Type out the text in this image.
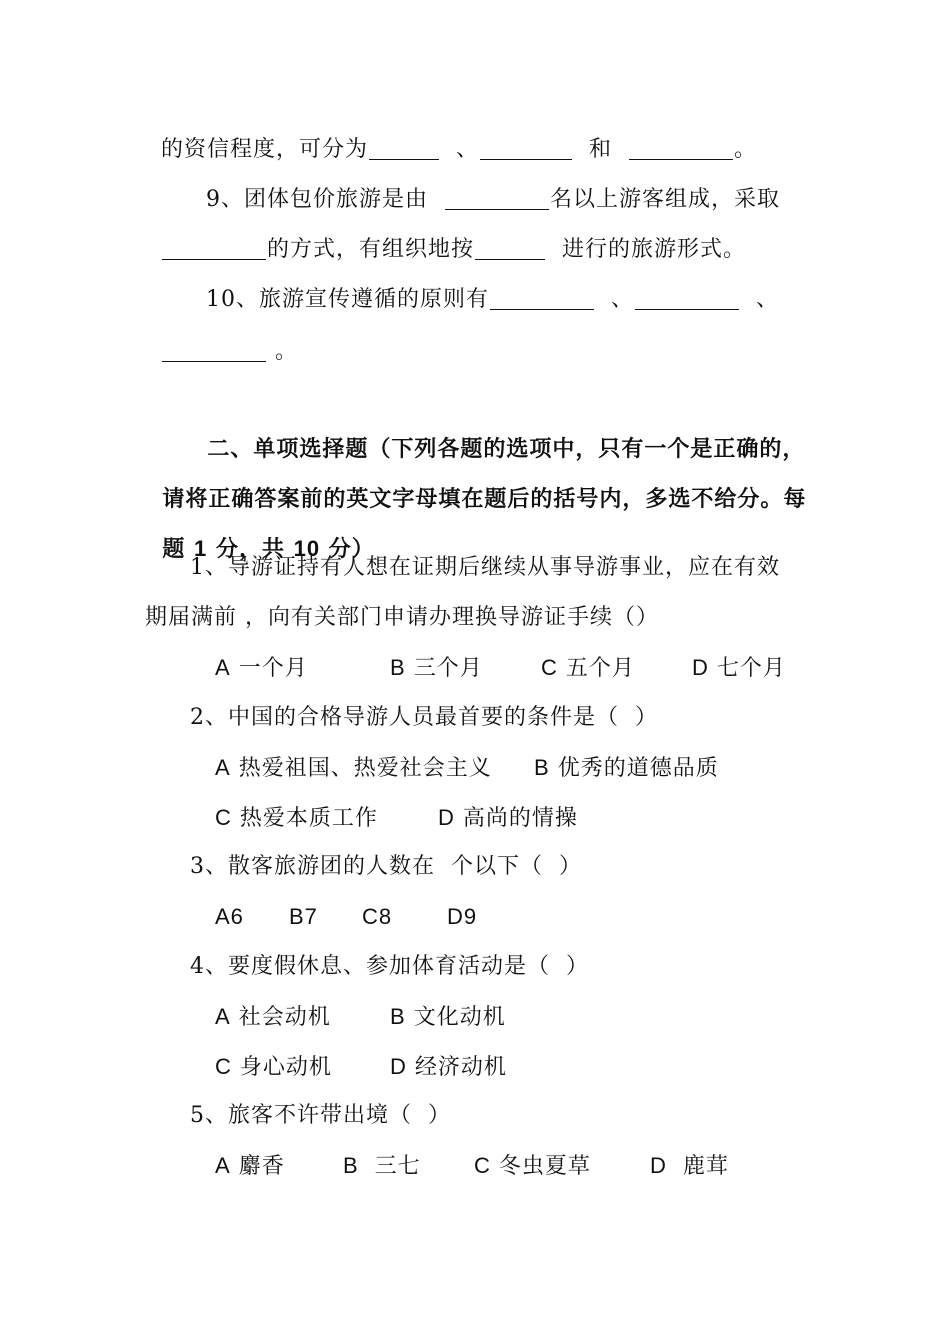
的资信程度，可分为	、	和	。

9、团体包价旅游是由	名以上游客组成，采取

的方式，有组织地按	进行的旅游形式。

10、旅游宣传遵循的原则有	、	、

。

二、单项选择题（下列各题的选项中，只有一个是正确的，

请将正确答案前的英文字母填在题后的括号内，多选不给分。每

题 1 分，共 10 分）

1、导游证持有人想在证期后继续从事导游事业，应在有效
期届满前 ，向有关部门申请办理换导游证手续（）
A 一个月	B 三个月	C 五个月	D 七个月
2、中国的合格导游人员最首要的条件是（  ）
A 热爱祖国、热爱社会主义 B 优秀的道德品质
C 热爱本质工作	D 高尚的情操
3、散客旅游团的人数在  个以下（  ）
A6 B7 C8 D9
4、要度假休息、参加体育活动是（  ）
A 社会动机	B 文化动机
C 身心动机	D 经济动机
5、旅客不许带出境（  ）
A 麝香	B  三七 C 冬虫夏草	D  鹿茸
